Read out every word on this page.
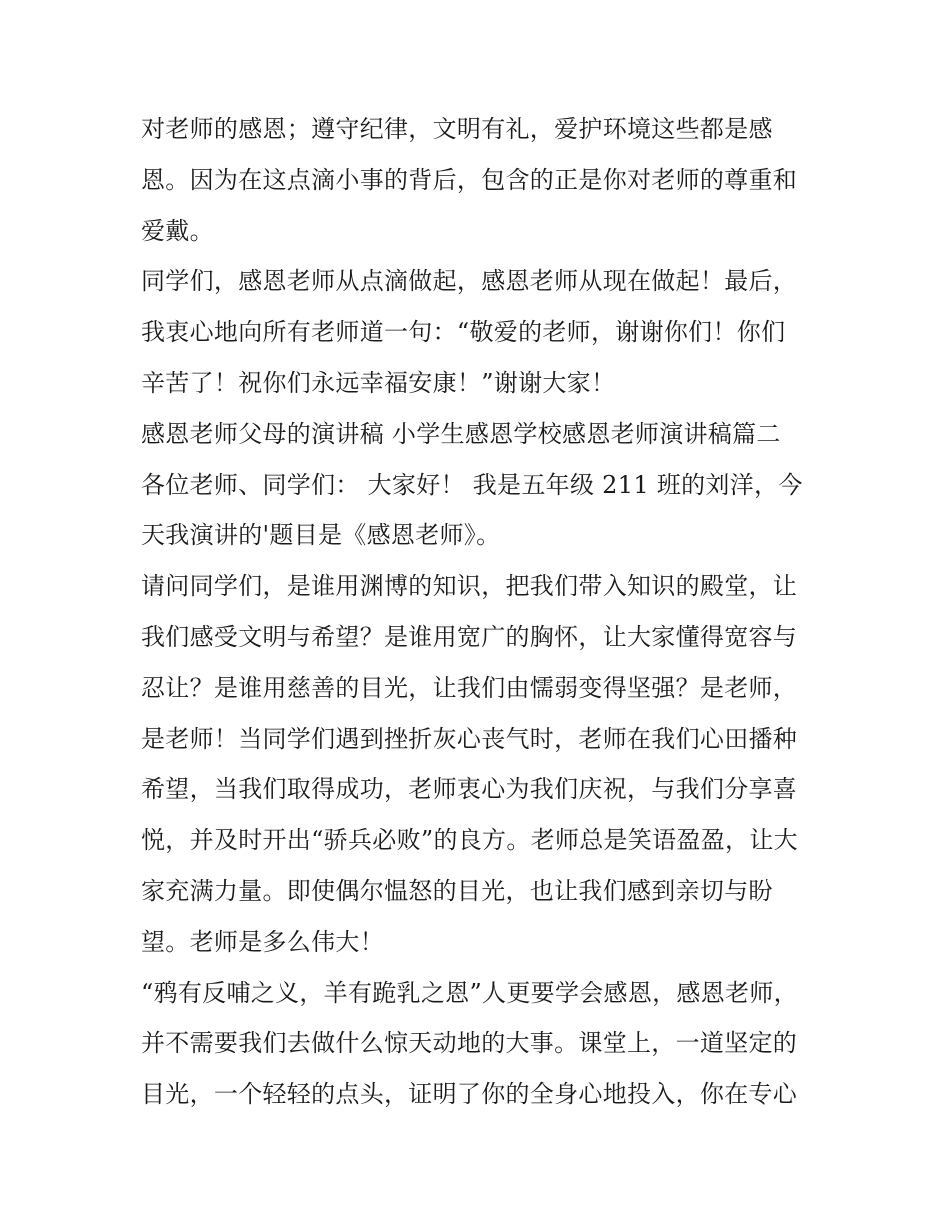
对老师的感恩；遵守纪律，文明有礼，爱护环境这些都是感
恩。因为在这点滴小事的背后，包含的正是你对老师的尊重和
爱戴。
同学们，感恩老师从点滴做起，感恩老师从现在做起！最后，
我衷心地向所有老师道一句：“敬爱的老师，谢谢你们！你们
辛苦了！祝你们永远幸福安康！”谢谢大家！
感恩老师父母的演讲稿 小学生感恩学校感恩老师演讲稿篇二
各位老师、同学们： 大家好！ 我是五年级 211 班的刘洋，今
天我演讲的'题目是《感恩老师》。
请问同学们，是谁用渊博的知识，把我们带入知识的殿堂，让
我们感受文明与希望？是谁用宽广的胸怀，让大家懂得宽容与
忍让？是谁用慈善的目光，让我们由懦弱变得坚强？是老师，
是老师！当同学们遇到挫折灰心丧气时，老师在我们心田播种
希望，当我们取得成功，老师衷心为我们庆祝，与我们分享喜
悦，并及时开出“骄兵必败”的良方。老师总是笑语盈盈，让大
家充满力量。即使偶尔愠怒的目光，也让我们感到亲切与盼
望。老师是多么伟大！
“鸦有反哺之义，羊有跪乳之恩”人更要学会感恩，感恩老师，
并不需要我们去做什么惊天动地的大事。课堂上，一道坚定的
目光，一个轻轻的点头，证明了你的全身心地投入，你在专心
